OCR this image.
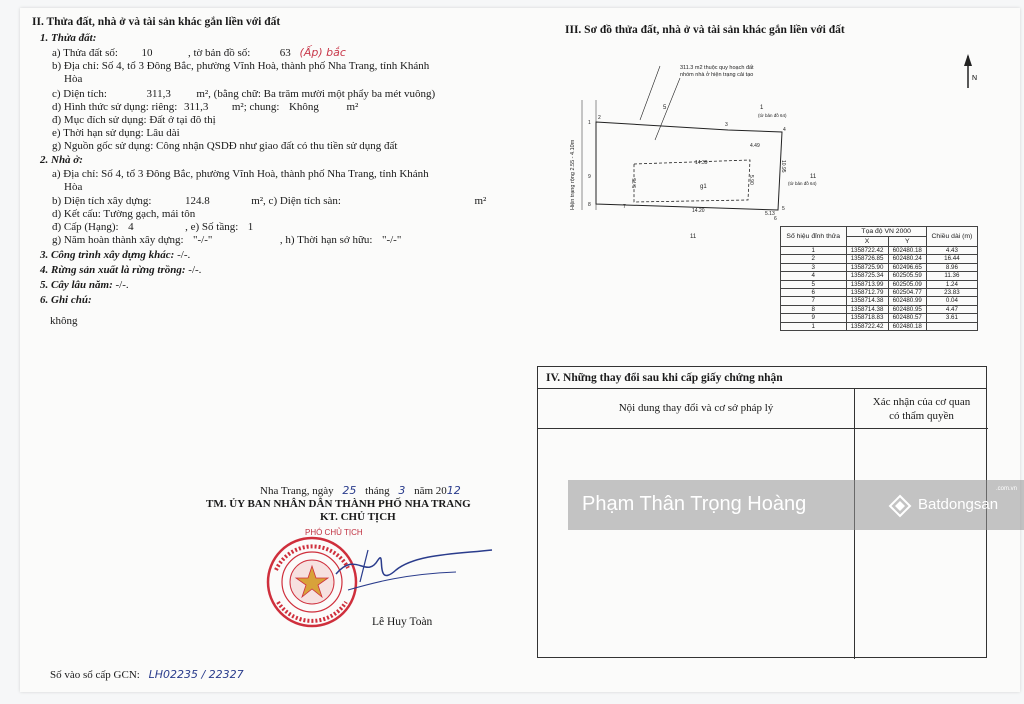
II. Thửa đất, nhà ở và tài sản khác gắn liền với đất
1. Thửa đất:
a) Thửa đất số: 10	, tờ bản đồ số:	63 (Ấp) bắc
b) Địa chỉ: Số 4, tổ 3 Đông Bắc, phường Vĩnh Hoà, thành phố Nha Trang, tỉnh Khánh
Hòa
c) Diện tích:	311,3 m², (bằng chữ: Ba trăm mười một phẩy ba mét vuông)
d) Hình thức sử dụng: riêng: 311,3 m²; chung: Không	m²
đ) Mục đích sử dụng: Đất ở tại đô thị
e) Thời hạn sử dụng: Lâu dài
g) Nguồn gốc sử dụng: Công nhận QSDĐ như giao đất có thu tiền sử dụng đất
2. Nhà ở:
a) Địa chỉ: Số 4, tổ 3 Đông Bắc, phường Vĩnh Hoà, thành phố Nha Trang, tỉnh Khánh
Hòa
b) Diện tích xây dựng:	124.8	m², c) Diện tích sàn:	m²
d) Kết cấu: Tường gạch, mái tôn
đ) Cấp (Hạng): 4	, e) Số tầng: 1
g) Năm hoàn thành xây dựng: "-/-"	, h) Thời hạn sở hữu: "-/-"
3. Công trình xây dựng khác: -/-.
4. Rừng sản xuất là rừng trồng: -/-.
5. Cây lâu năm: -/-.
6. Ghi chú:
không
Nha Trang, ngày 25 tháng 3 năm 2012
TM. ỦY BAN NHÂN DÂN THÀNH PHỐ NHA TRANG
KT. CHỦ TỊCH
PHÓ CHỦ TỊCH
Lê Huy Toàn
Số vào sổ cấp GCN: LH02235 / 22327
III. Sơ đồ thửa đất, nhà ở và tài sản khác gắn liền với đất
N
311.3 m2 thuộc quy hoạch đất
nhóm nhà ở hiện trạng cải tạo
Hiện trạng rộng 2.55 - 4.10m	g1
5	1
(tờ bản đồ 64)
11
(tờ bản đồ 64)
11
4.49
14.39
5.90
5.75
10.95
14.20	5.13
2
3
4
5
6
7
8
9
1
Số hiệu đỉnh thửa	Tọa độ VN 2000		Chiều dài (m)
	X	Y	
1	1358722.42	602480.18	4.43
2	1358726.85	602480.24	16.44
3	1358725.90	602496.65	8.96
4	1358725.34	602505.59	11.36
5	1358713.99	602505.09	1.24
6	1358712.79	602504.77	23.83
7	1358714.38	602480.99	0.04
8	1358714.38	602480.95	4.47
9	1358718.83	602480.57	3.61
1	1358722.42	602480.18	
IV. Những thay đổi sau khi cấp giấy chứng nhận
Nội dung thay đổi và cơ sở pháp lý	Xác nhận của cơ quan
có thẩm quyền
Phạm Thân Trọng Hoàng	Batdongsan
.com.vn
